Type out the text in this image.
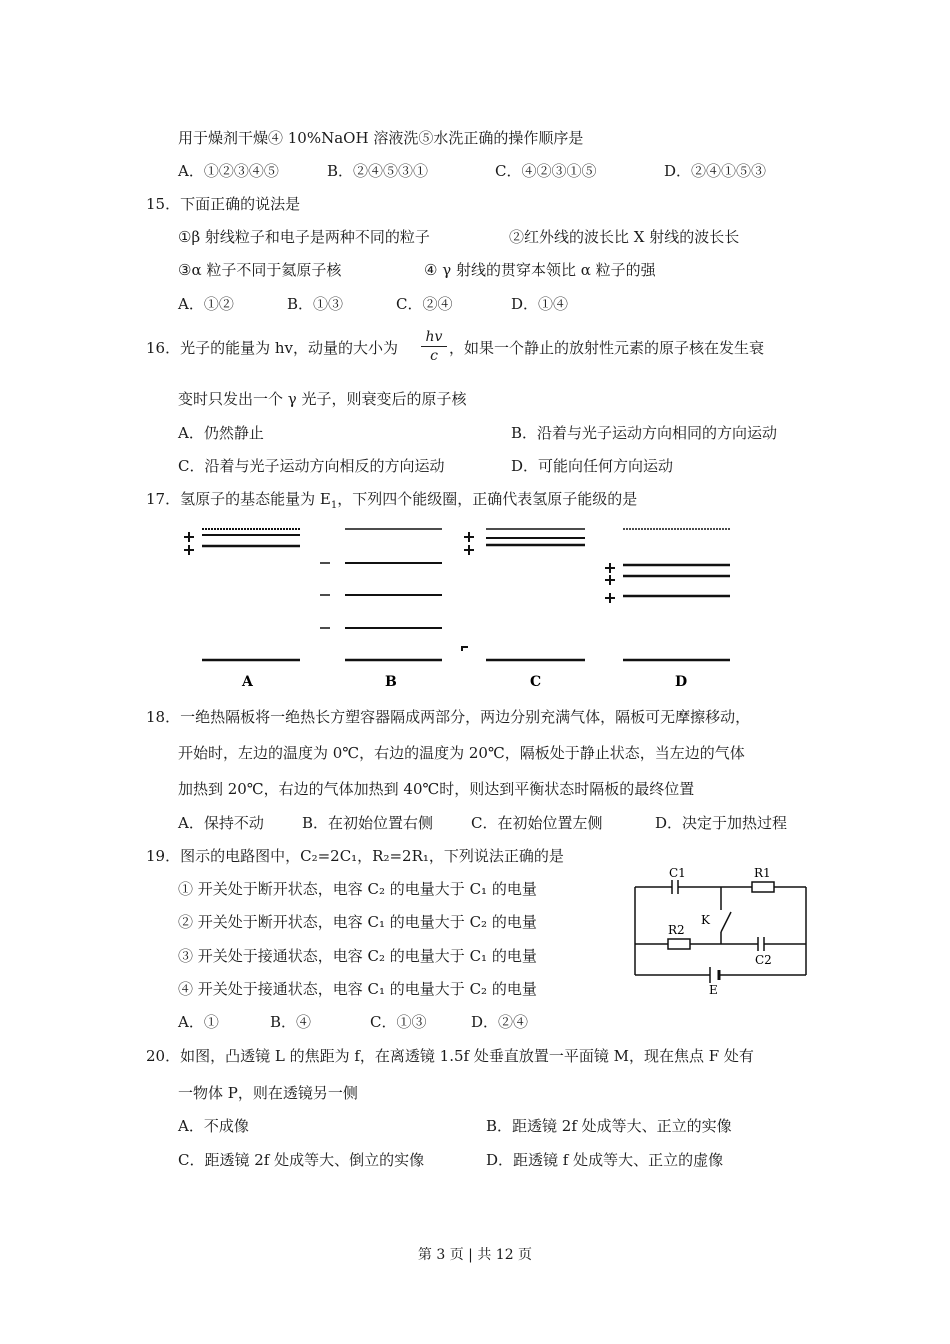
用于燥剂干燥④ 10%NaOH 溶液洗⑤水洗正确的操作顺序是
A．①②③④⑤	B．②④⑤③①	C．④②③①⑤	D．②④①⑤③
15．下面正确的说法是
①β 射线粒子和电子是两种不同的粒子	②红外线的波长比 X 射线的波长长
③α 粒子不同于氦原子核	④ γ 射线的贯穿本领比 α 粒子的强
A．①②	B．①③	C．②④	D．①④
16．光子的能量为 hv，动量的大小为
hv
c ，如果一个静止的放射性元素的原子核在发生衰
变时只发出一个 γ 光子，则衰变后的原子核
A．仍然静止	B．沿着与光子运动方向相同的方向运动
C．沿着与光子运动方向相反的方向运动	D．可能向任何方向运动
17．氢原子的基态能量为 $E_1$，下列四个能级圈，正确代表氢原子能级的是
A	B	C	D
18．一绝热隔板将一绝热长方塑容器隔成两部分，两边分别充满气体，隔板可无摩擦移动，
开始时，左边的温度为 0℃，右边的温度为 20℃，隔板处于静止状态，当左边的气体
加热到 20℃，右边的气体加热到 40℃时，则达到平衡状态时隔板的最终位置
A．保持不动	B．在初始位置右侧	C．在初始位置左侧	D．决定于加热过程
19．图示的电路图中，C₂=2C₁，R₂=2R₁，下列说法正确的是
① 开关处于断开状态，电容 C₂ 的电量大于 C₁ 的电量
② 开关处于断开状态，电容 C₁ 的电量大于 C₂ 的电量
③ 开关处于接通状态，电容 C₂ 的电量大于 C₁ 的电量
④ 开关处于接通状态，电容 C₁ 的电量大于 C₂ 的电量
A．①	B．④	C．①③	D．②④
C1	R1
K
R2
C2
E
20．如图，凸透镜 L 的焦距为 f，在离透镜 1.5f 处垂直放置一平面镜 M，现在焦点 F 处有
一物体 P，则在透镜另一侧
A．不成像	B．距透镜 2f 处成等大、正立的实像
C．距透镜 2f 处成等大、倒立的实像	D．距透镜 f 处成等大、正立的虚像
第 3 页 | 共 12 页
